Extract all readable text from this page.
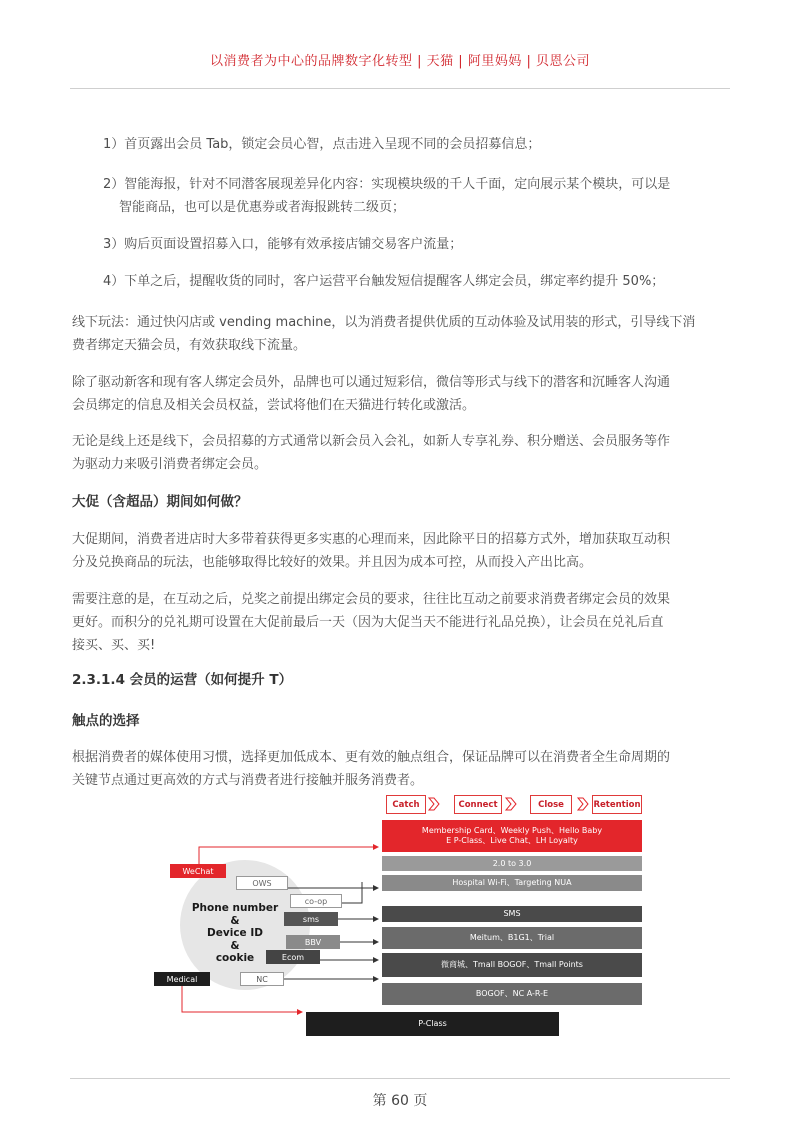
以消费者为中心的品牌数字化转型 | 天猫 | 阿里妈妈 | 贝恩公司
1）首页露出会员 Tab，锁定会员心智，点击进入呈现不同的会员招募信息；
2）智能海报，针对不同潜客展现差异化内容：实现模块级的千人千面，定向展示某个模块，可以是
智能商品，也可以是优惠券或者海报跳转二级页；
3）购后页面设置招募入口，能够有效承接店铺交易客户流量；
4）下单之后，提醒收货的同时，客户运营平台触发短信提醒客人绑定会员，绑定率约提升 50%；
线下玩法：通过快闪店或 vending machine，以为消费者提供优质的互动体验及试用装的形式，引导线下消
费者绑定天猫会员，有效获取线下流量。
除了驱动新客和现有客人绑定会员外，品牌也可以通过短彩信，微信等形式与线下的潜客和沉睡客人沟通
会员绑定的信息及相关会员权益，尝试将他们在天猫进行转化或激活。
无论是线上还是线下，会员招募的方式通常以新会员入会礼，如新人专享礼券、积分赠送、会员服务等作
为驱动力来吸引消费者绑定会员。
大促（含超品）期间如何做？
大促期间，消费者进店时大多带着获得更多实惠的心理而来，因此除平日的招募方式外，增加获取互动积
分及兑换商品的玩法，也能够取得比较好的效果。并且因为成本可控，从而投入产出比高。
需要注意的是，在互动之后，兑奖之前提出绑定会员的要求，往往比互动之前要求消费者绑定会员的效果
更好。而积分的兑礼期可设置在大促前最后一天（因为大促当天不能进行礼品兑换），让会员在兑礼后直
接买、买、买!
2.3.1.4 会员的运营（如何提升 T）
触点的选择
根据消费者的媒体使用习惯，选择更加低成本、更有效的触点组合，保证品牌可以在消费者全生命周期的
关键节点通过更高效的方式与消费者进行接触并服务消费者。
Catch	Connect	Close	Retention
Membership Card、Weekly Push、Hello Baby
E P-Class、Live Chat、LH Loyalty
2.0 to 3.0
Hospital Wi-Fi、Targeting NUA
SMS
Meitum、B1G1、Trial
微商城、Tmall BOGOF、Tmall Points
BOGOF、NC A-R-E
P-Class
WeChat
OWS
co-op
sms
BBV
Ecom
NC
Medical
Phone number
&
Device ID
&
cookie
第 60 页
